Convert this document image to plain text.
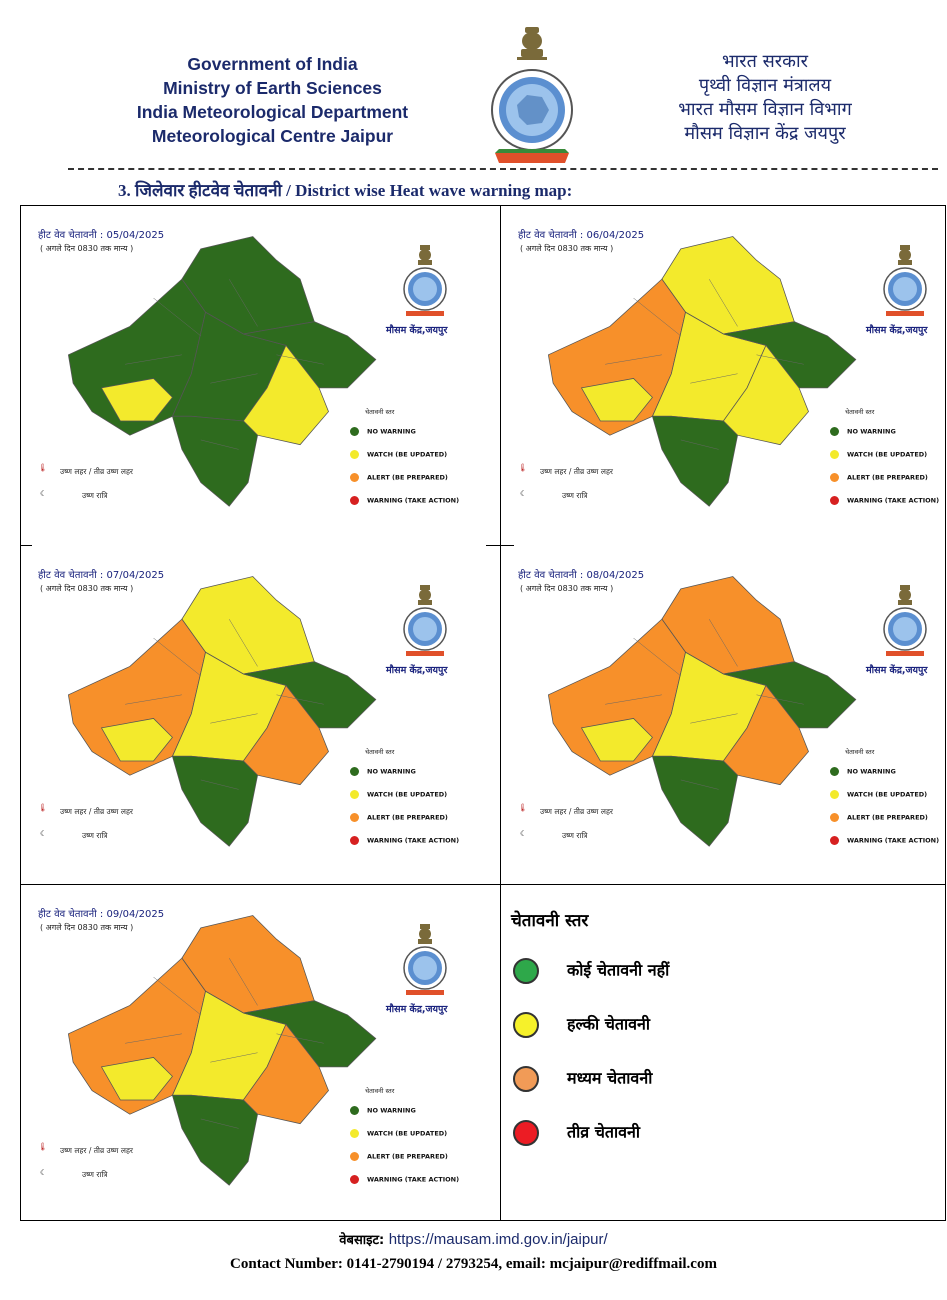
Government of India
Ministry of Earth Sciences
India Meteorological Department
Meteorological Centre Jaipur
भारत सरकार
पृथ्वी विज्ञान मंत्रालय
भारत मौसम विज्ञान विभाग
मौसम विज्ञान केंद्र जयपुर
3. जिलेवार हीटवेव चेतावनी / District wise Heat wave warning map:
हीट वेव चेतावनी : 05/04/2025
( अगले दिन 0830 तक मान्य )
मौसम केंद्र,जयपुर
चेतावनी स्तर
NO WARNING
WATCH (BE UPDATED)
ALERT (BE PREPARED)
WARNING (TAKE ACTION)
उष्ण लहर / तीव्र उष्ण लहर
🌡
उष्ण रात्रि
☾
हीट वेव चेतावनी : 06/04/2025
( अगले दिन 0830 तक मान्य )
मौसम केंद्र,जयपुर
चेतावनी स्तर
NO WARNING
WATCH (BE UPDATED)
ALERT (BE PREPARED)
WARNING (TAKE ACTION)
उष्ण लहर / तीव्र उष्ण लहर
🌡
उष्ण रात्रि
☾
हीट वेव चेतावनी : 07/04/2025
( अगले दिन 0830 तक मान्य )
मौसम केंद्र,जयपुर
चेतावनी स्तर
NO WARNING
WATCH (BE UPDATED)
ALERT (BE PREPARED)
WARNING (TAKE ACTION)
उष्ण लहर / तीव्र उष्ण लहर
🌡
उष्ण रात्रि
☾
हीट वेव चेतावनी : 08/04/2025
( अगले दिन 0830 तक मान्य )
मौसम केंद्र,जयपुर
चेतावनी स्तर
NO WARNING
WATCH (BE UPDATED)
ALERT (BE PREPARED)
WARNING (TAKE ACTION)
उष्ण लहर / तीव्र उष्ण लहर
🌡
उष्ण रात्रि
☾
हीट वेव चेतावनी : 09/04/2025
( अगले दिन 0830 तक मान्य )
मौसम केंद्र,जयपुर
चेतावनी स्तर
NO WARNING
WATCH (BE UPDATED)
ALERT (BE PREPARED)
WARNING (TAKE ACTION)
उष्ण लहर / तीव्र उष्ण लहर
🌡
उष्ण रात्रि
☾
चेतावनी स्तर
कोई चेतावनी नहीं
हल्की चेतावनी
मध्यम चेतावनी
तीव्र चेतावनी
वेबसाइट: https://mausam.imd.gov.in/jaipur/
Contact Number: 0141-2790194 / 2793254, email: mcjaipur@rediffmail.com
